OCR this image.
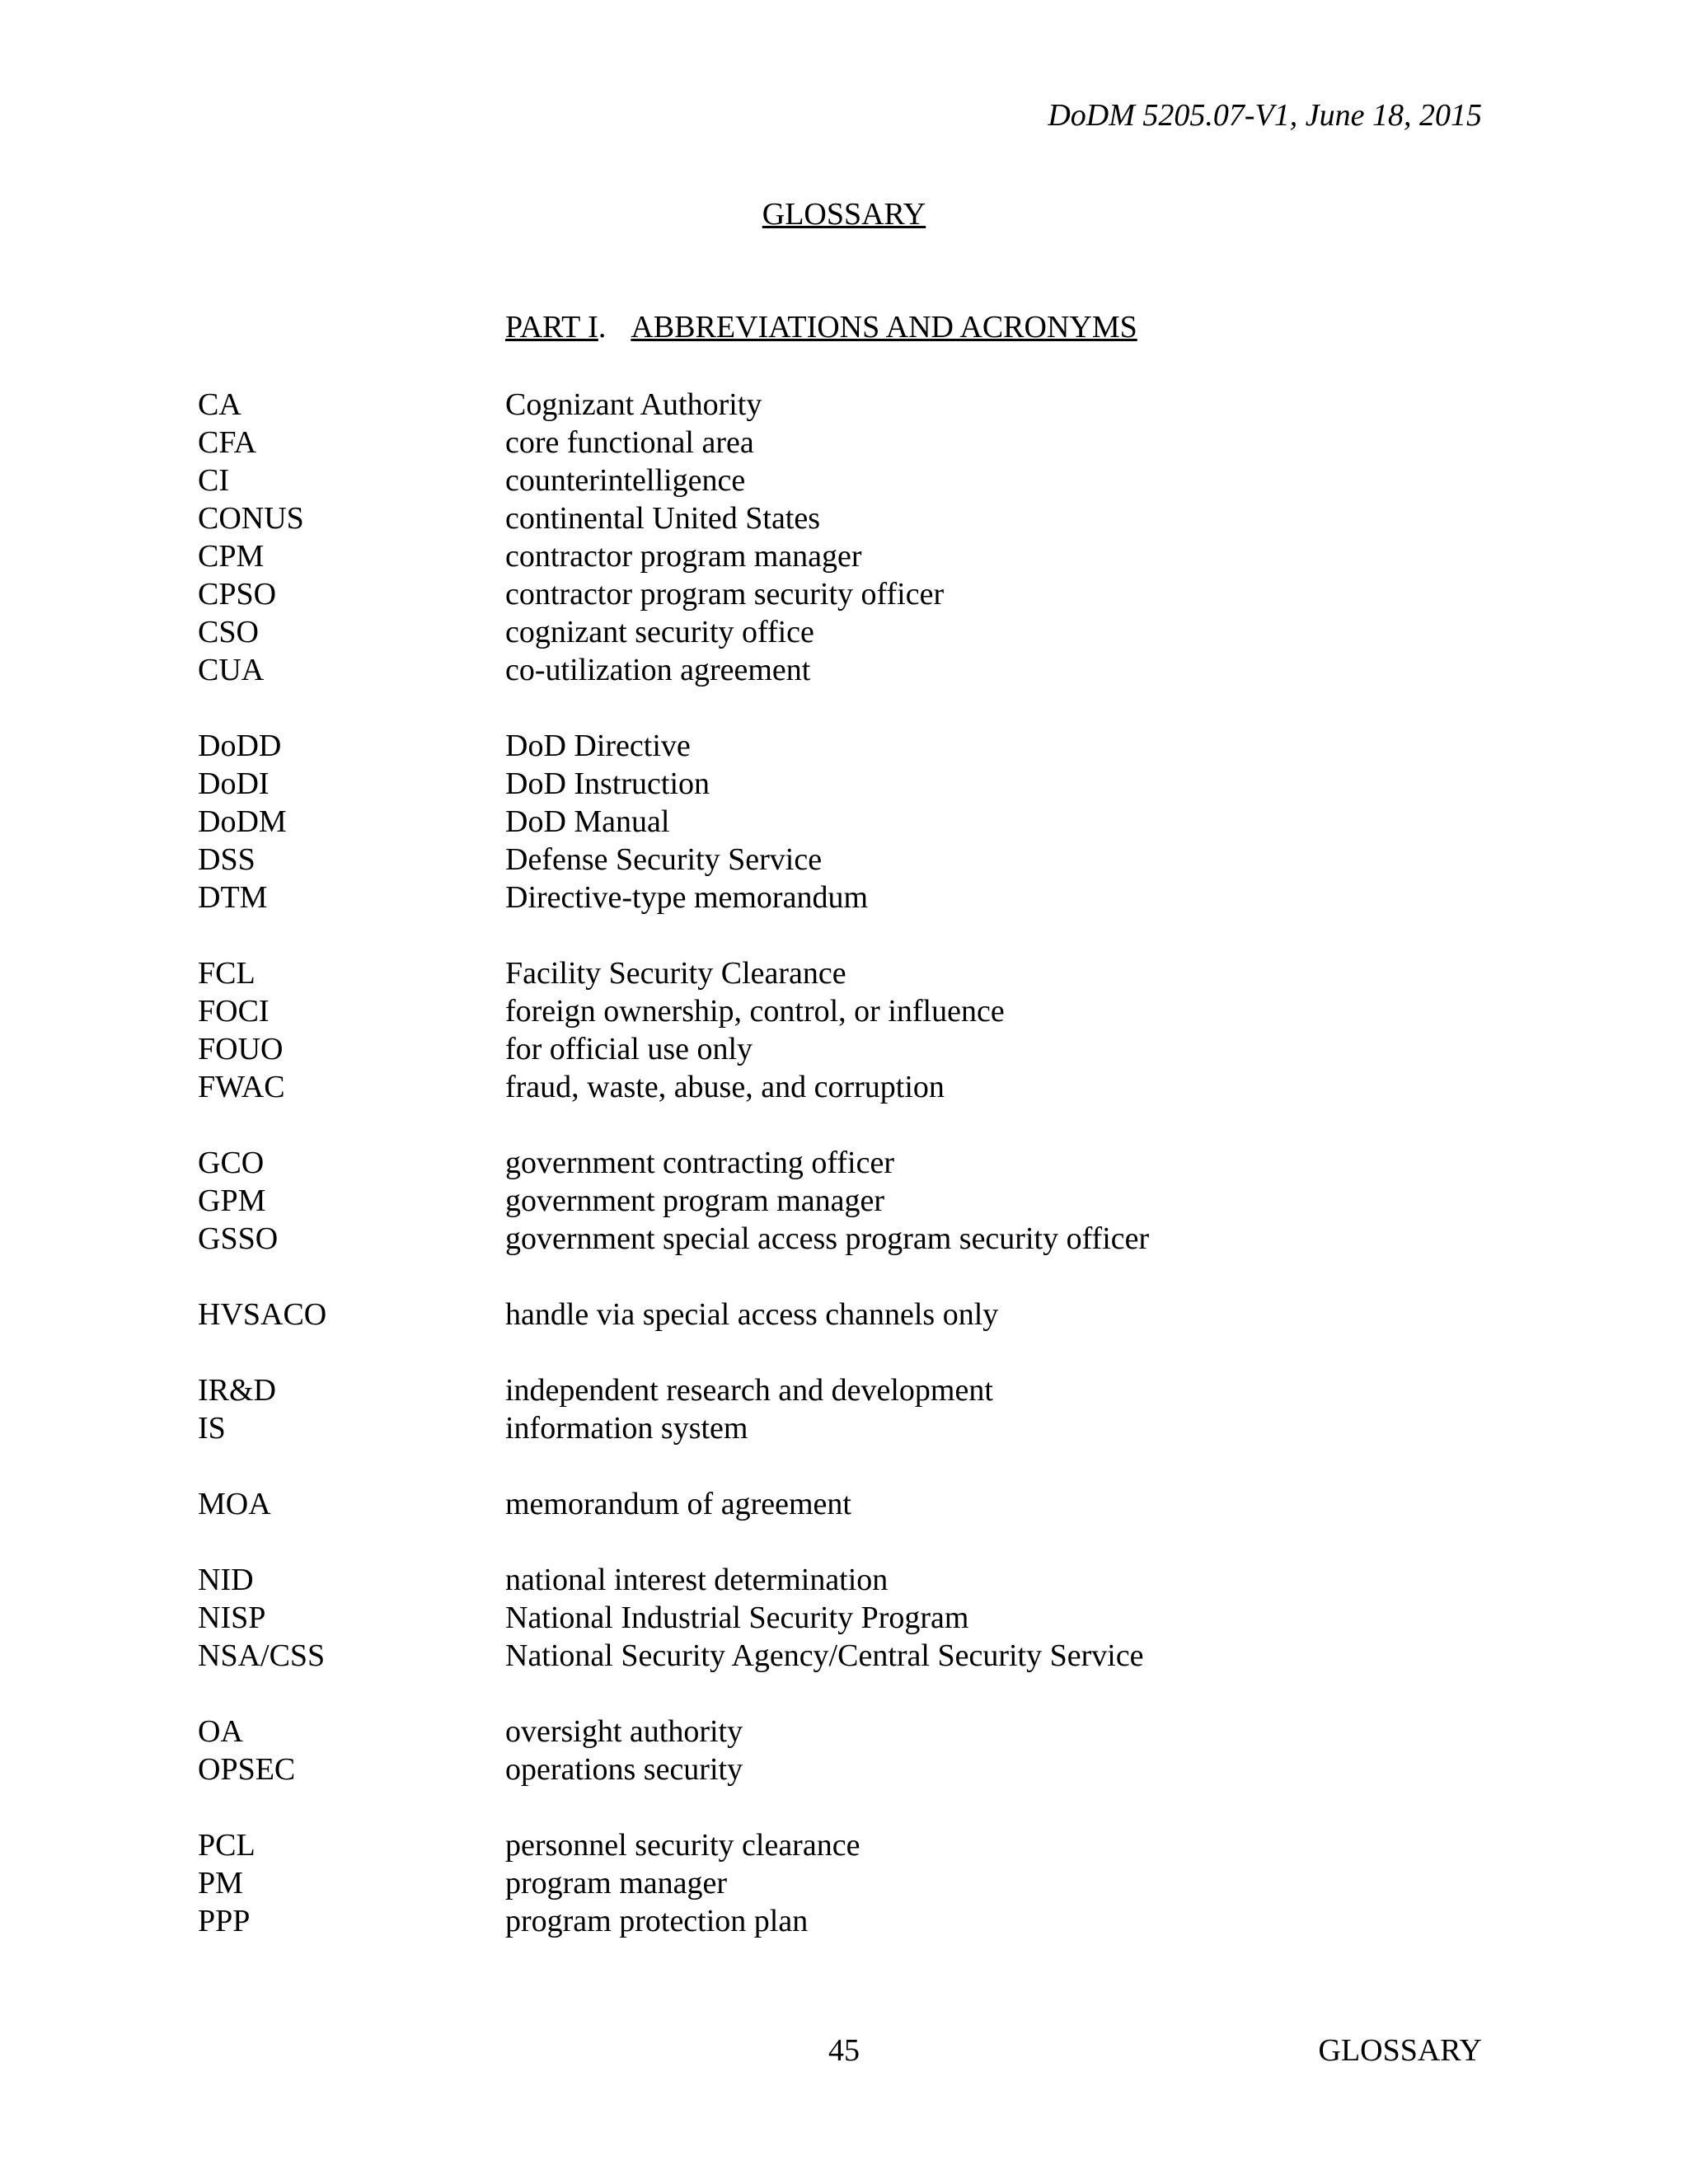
DoDM 5205.07-V1, June 18, 2015
GLOSSARY
PART I. ABBREVIATIONS AND ACRONYMS
CA	Cognizant Authority
CFA	core functional area
CI	counterintelligence
CONUS	continental United States
CPM	contractor program manager
CPSO	contractor program security officer
CSO	cognizant security office
CUA	co-utilization agreement
DoDD	DoD Directive
DoDI	DoD Instruction
DoDM	DoD Manual
DSS	Defense Security Service
DTM	Directive-type memorandum
FCL	Facility Security Clearance
FOCI	foreign ownership, control, or influence
FOUO	for official use only
FWAC	fraud, waste, abuse, and corruption
GCO	government contracting officer
GPM	government program manager
GSSO	government special access program security officer
HVSACO	handle via special access channels only
IR&D	independent research and development
IS	information system
MOA	memorandum of agreement
NID	national interest determination
NISP	National Industrial Security Program
NSA/CSS	National Security Agency/Central Security Service
OA	oversight authority
OPSEC	operations security
PCL	personnel security clearance
PM	program manager
PPP	program protection plan
45	GLOSSARY
